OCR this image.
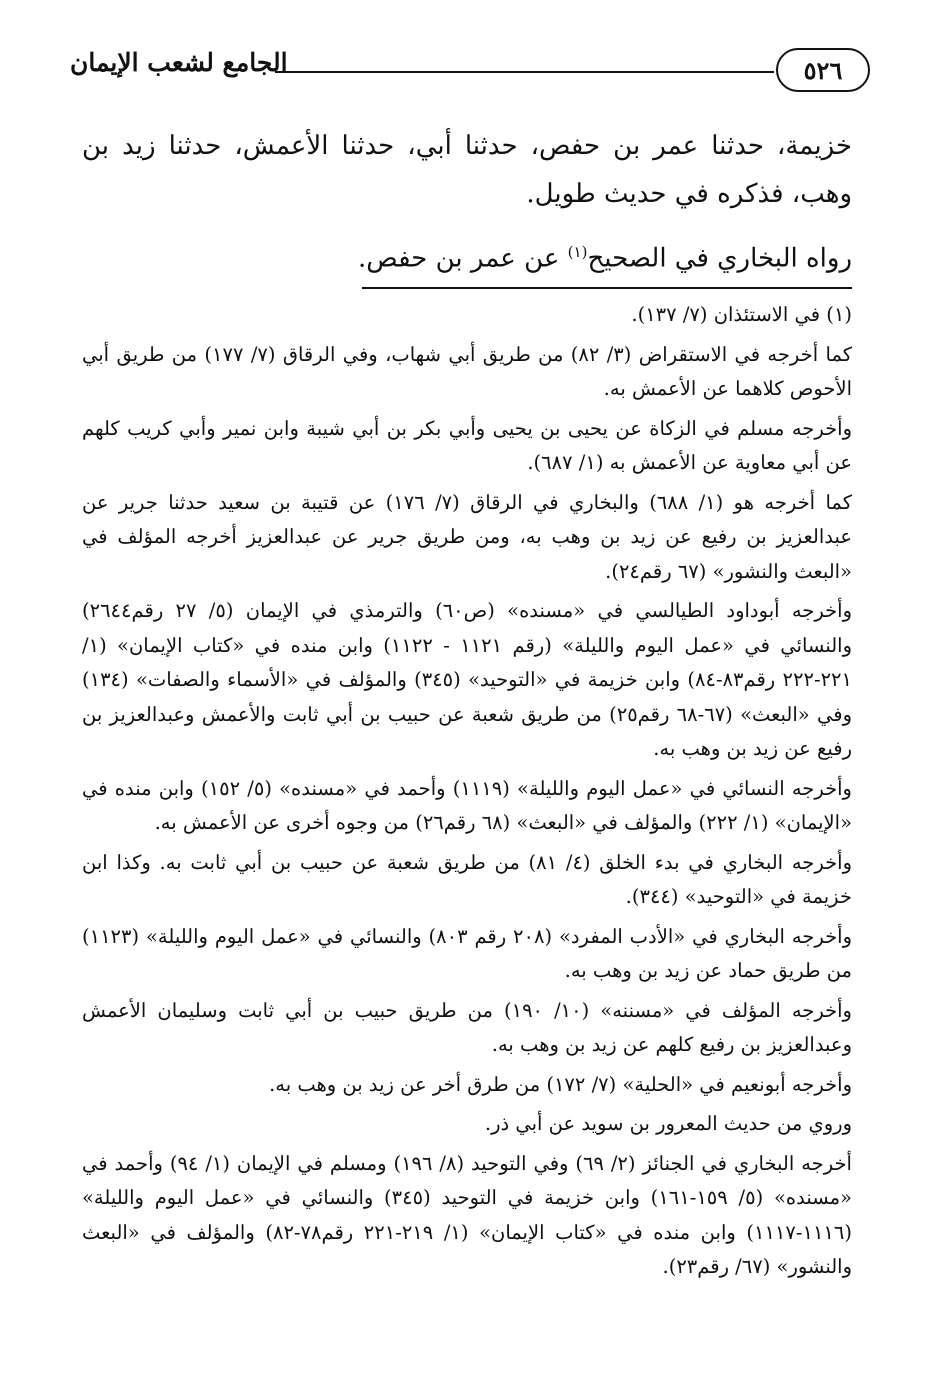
٥٢٦
الجامع لشعب الإيمان

خزيمة، حدثنا عمر بن حفص، حدثنا أبي، حدثنا الأعمش، حدثنا زيد بن وهب، فذكره في حديث طويل.

رواه البخاري في الصحيح$^{(١)}$ عن عمر بن حفص.

(١) في الاستئذان (٧/ ١٣٧).

كما أخرجه في الاستقراض (٣/ ٨٢) من طريق أبي شهاب، وفي الرقاق (٧/ ١٧٧) من طريق أبي الأحوص كلاهما عن الأعمش به.

وأخرجه مسلم في الزكاة عن يحيى بن يحيى وأبي بكر بن أبي شيبة وابن نمير وأبي كريب كلهم عن أبي معاوية عن الأعمش به (١/ ٦٨٧).

كما أخرجه هو (١/ ٦٨٨) والبخاري في الرقاق (٧/ ١٧٦) عن قتيبة بن سعيد حدثنا جرير عن عبدالعزيز بن رفيع عن زيد بن وهب به، ومن طريق جرير عن عبدالعزيز أخرجه المؤلف في «البعث والنشور» (٦٧ رقم٢٤).

وأخرجه أبوداود الطيالسي في «مسنده» (ص٦٠) والترمذي في الإيمان (٥/ ٢٧ رقم٢٦٤٤) والنسائي في «عمل اليوم والليلة» (رقم ١١٢١ - ١١٢٢) وابن منده في «كتاب الإيمان» (١/ ٢٢١-٢٢٢ رقم٨٣-٨٤) وابن خزيمة في «التوحيد» (٣٤٥) والمؤلف في «الأسماء والصفات» (١٣٤) وفي «البعث» (٦٧-٦٨ رقم٢٥) من طريق شعبة عن حبيب بن أبي ثابت والأعمش وعبدالعزيز بن رفيع عن زيد بن وهب به.

وأخرجه النسائي في «عمل اليوم والليلة» (١١١٩) وأحمد في «مسنده» (٥/ ١٥٢) وابن منده في «الإيمان» (١/ ٢٢٢) والمؤلف في «البعث» (٦٨ رقم٢٦) من وجوه أخرى عن الأعمش به.

وأخرجه البخاري في بدء الخلق (٤/ ٨١) من طريق شعبة عن حبيب بن أبي ثابت به. وكذا ابن خزيمة في «التوحيد» (٣٤٤).

وأخرجه البخاري في «الأدب المفرد» (٢٠٨ رقم ٨٠٣) والنسائي في «عمل اليوم والليلة» (١١٢٣) من طريق حماد عن زيد بن وهب به.

وأخرجه المؤلف في «مسننه» (١٠/ ١٩٠) من طريق حبيب بن أبي ثابت وسليمان الأعمش وعبدالعزيز بن رفيع كلهم عن زيد بن وهب به.

وأخرجه أبونعيم في «الحلية» (٧/ ١٧٢) من طرق أخر عن زيد بن وهب به.

وروي من حديث المعرور بن سويد عن أبي ذر.

أخرجه البخاري في الجنائز (٢/ ٦٩) وفي التوحيد (٨/ ١٩٦) ومسلم في الإيمان (١/ ٩٤) وأحمد في «مسنده» (٥/ ١٥٩-١٦١) وابن خزيمة في التوحيد (٣٤٥) والنسائي في «عمل اليوم والليلة» (١١١٦-١١١٧) وابن منده في «كتاب الإيمان» (١/ ٢١٩-٢٢١ رقم٧٨-٨٢) والمؤلف في «البعث والنشور» (٦٧/ رقم٢٣).
